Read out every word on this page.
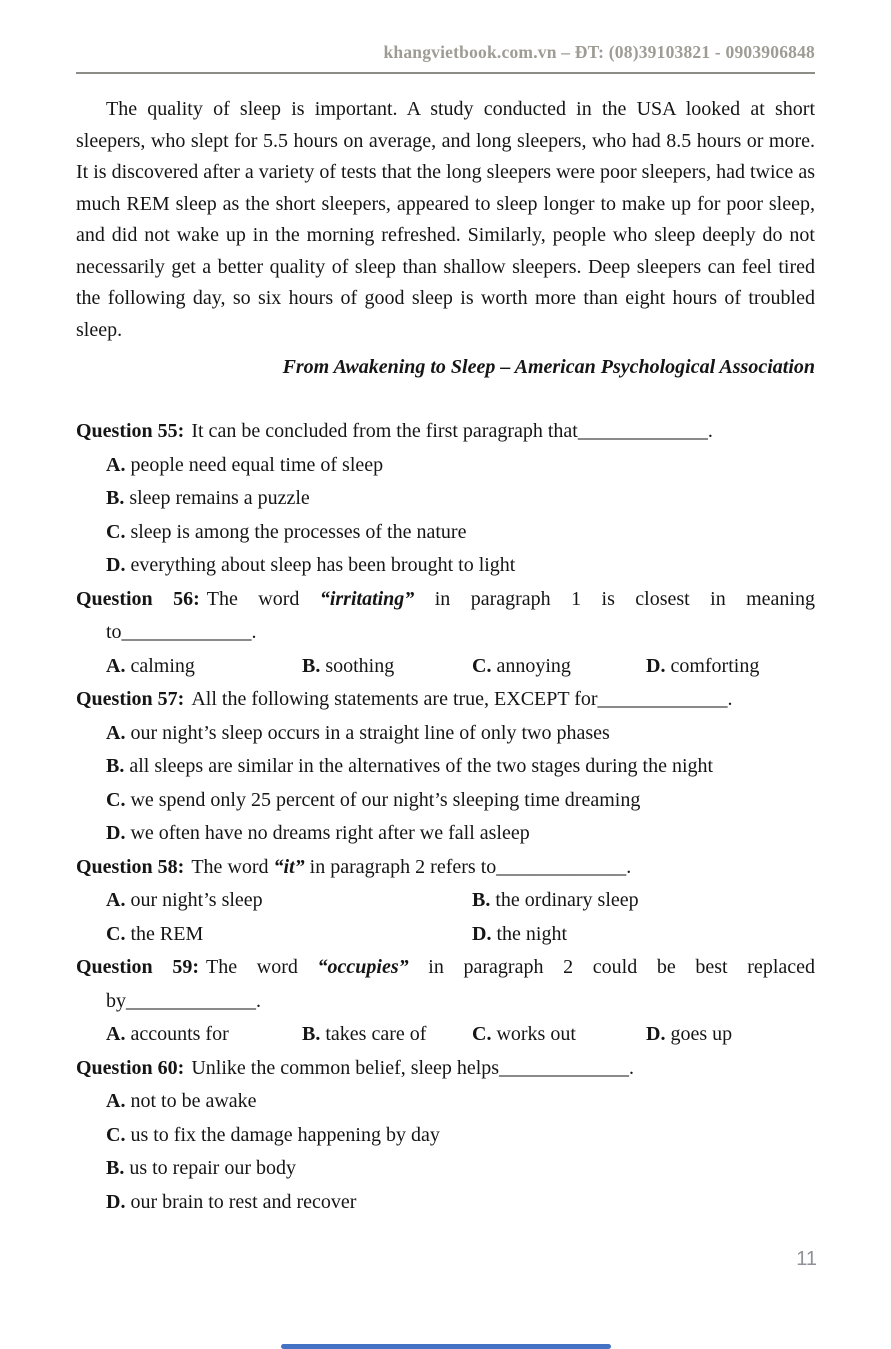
khangvietbook.com.vn – ĐT: (08)39103821 - 0903906848

The quality of sleep is important. A study conducted in the USA looked at short sleepers, who slept for 5.5 hours on average, and long sleepers, who had 8.5 hours or more. It is discovered after a variety of tests that the long sleepers were poor sleepers, had twice as much REM sleep as the short sleepers, appeared to sleep longer to make up for poor sleep, and did not wake up in the morning refreshed. Similarly, people who sleep deeply do not necessarily get a better quality of sleep than shallow sleepers. Deep sleepers can feel tired the following day, so six hours of good sleep is worth more than eight hours of troubled sleep.

From Awakening to Sleep – American Psychological Association
Question 55: It can be concluded from the first paragraph that_____________.
A. people need equal time of sleep
B. sleep remains a puzzle
C. sleep is among the processes of the nature
D. everything about sleep has been brought to light
Question 56: The word “irritating” in paragraph 1 is closest in meaning
to_____________.
A. calming	B. soothing	C. annoying	D. comforting
Question 57: All the following statements are true, EXCEPT for_____________.
A. our night’s sleep occurs in a straight line of only two phases
B. all sleeps are similar in the alternatives of the two stages during the night
C. we spend only 25 percent of our night’s sleeping time dreaming
D. we often have no dreams right after we fall asleep
Question 58: The word “it” in paragraph 2 refers to_____________.
A. our night’s sleep	B. the ordinary sleep
C. the REM	D. the night
Question 59: The word “occupies” in paragraph 2 could be best replaced
by_____________.
A. accounts for	B. takes care of	C. works out	D. goes up
Question 60: Unlike the common belief, sleep helps_____________.
A. not to be awake
C. us to fix the damage happening by day
B. us to repair our body
D. our brain to rest and recover
11
